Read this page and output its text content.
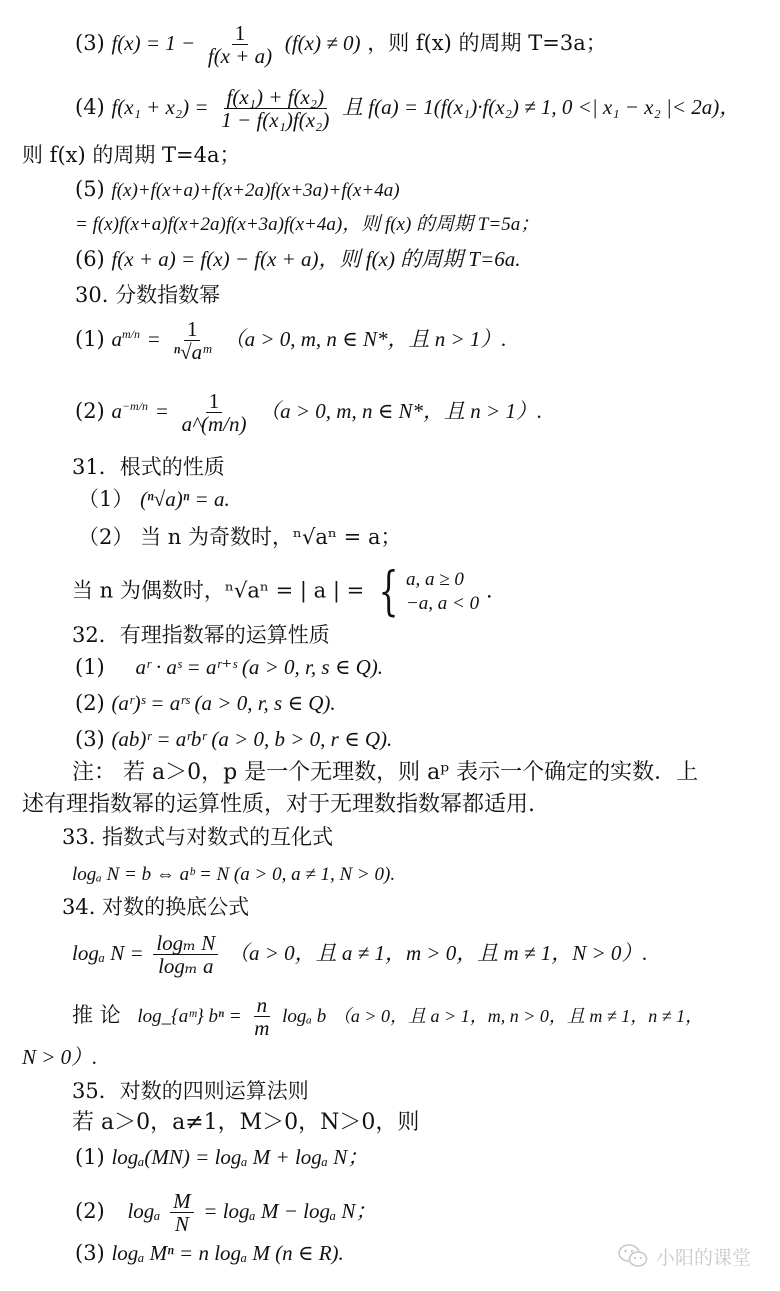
(3) $f(x) = 1 - \frac{1}{f(x + a)} (f(x) \ne 0)$ ，则 f(x) 的周期 T=3a；
(4) $f(x_1 + x_2) = \frac{\text{f(x₁) + f(x₂)}}{\text{1 − f(x₁)f(x₂)}}$ 且 f(a) = 1(f(x₁)·f(x₂) ≠ 1, 0 <| x₁ − x₂ |< 2a)，
则 f(x) 的周期 T=4a；
(5) f(x)+f(x+a)+f(x+2a)f(x+3a)+f(x+4a)
= f(x)f(x+a)f(x+2a)f(x+3a)f(x+4a)，则 f(x) 的周期 T=5a；
(6) f(x + a) = f(x) − f(x + a)，则 f(x) 的周期 T=6a.
30. 分数指数幂
(1) $a^{m/n} = \frac{1}{\text{ⁿ√aᵐ}} (a > 0$, m, n ∈ N*，且 n > 1）.
(2) $a^{-m/n} = \frac{1}{a\^{}(m/n)} (a > 0$, m, n ∈ N*，且 n > 1）.
31．根式的性质
（1） (ⁿ√a)ⁿ = a.
（2） 当 n 为奇数时，ⁿ√aⁿ = a；
当 n 为偶数时，ⁿ√aⁿ = | a | = { a, a ≥ 0
−a, a < 0
.
32．有理指数幂的运算性质
(1) aʳ · aˢ = aʳ⁺ˢ (a > 0, r, s ∈ Q).
(2) (aʳ)ˢ = aʳˢ (a > 0, r, s ∈ Q).
(3) (ab)ʳ = aʳbʳ (a > 0, b > 0, r ∈ Q).
注： 若 a＞0，p 是一个无理数，则 aᵖ 表示一个确定的实数．上
述有理指数幂的运算性质，对于无理数指数幂都适用.
33. 指数式与对数式的互化式
logₐ N = b ⇔ aᵇ = N (a > 0, a ≠ 1, N > 0).
34. 对数的换底公式
logₐ $N = \frac{\text{logₘ N}}{\text{logₘ a}} (a > 0$，且 a ≠ 1，m > 0，且 m ≠ 1，N > 0）.
推 论 log_{aᵐ} $b^n = \frac{n}{m}$ logₐ b （a > 0，且 a > 1，m, n > 0，且 m ≠ 1，n ≠ 1，
N > 0）.
35．对数的四则运算法则
若 a＞0，a≠1，M＞0，N＞0，则
(1) logₐ(MN) = logₐ M + logₐ N；
(2) logₐ $\frac{M}{N} = \log_a$ M − logₐ N；
(3) logₐ Mⁿ = n logₐ M (n ∈ R).	小阳的课堂
